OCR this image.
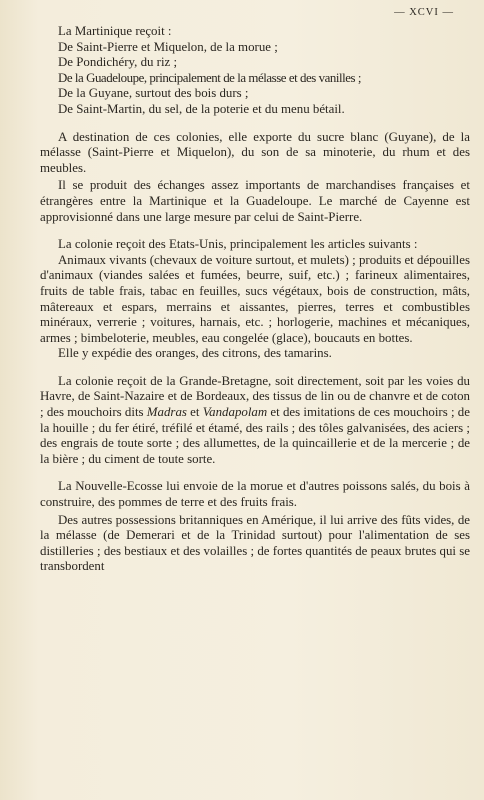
— XCVI —

La Martinique reçoit :

De Saint-Pierre et Miquelon, de la morue ;

De Pondichéry, du riz ;

De la Guadeloupe, principalement de la mélasse et des vanilles ;

De la Guyane, surtout des bois durs ;

De Saint-Martin, du sel, de la poterie et du menu bétail.

A destination de ces colonies, elle exporte du sucre blanc (Guyane), de la mélasse (Saint-Pierre et Miquelon), du son de sa minoterie, du rhum et des meubles.

Il se produit des échanges assez importants de marchandises françaises et étrangères entre la Martinique et la Guadeloupe. Le marché de Cayenne est approvisionné dans une large mesure par celui de Saint-Pierre.

La colonie reçoit des Etats-Unis, principalement les articles suivants :

Animaux vivants (chevaux de voiture surtout, et mulets) ; produits et dépouilles d'animaux (viandes salées et fumées, beurre, suif, etc.) ; farineux alimentaires, fruits de table frais, tabac en feuilles, sucs végétaux, bois de construction, mâts, mâtereaux et espars, merrains et aissantes, pierres, terres et combustibles minéraux, verrerie ; voitures, harnais, etc. ; horlogerie, machines et mécaniques, armes ; bimbeloterie, meubles, eau congelée (glace), boucauts en bottes.

Elle y expédie des oranges, des citrons, des tamarins.

La colonie reçoit de la Grande-Bretagne, soit directement, soit par les voies du Havre, de Saint-Nazaire et de Bordeaux, des tissus de lin ou de chanvre et de coton ; des mouchoirs dits Madras et Vandapolam et des imitations de ces mouchoirs ; de la houille ; du fer étiré, tréfilé et étamé, des rails ; des tôles galvanisées, des aciers ; des engrais de toute sorte ; des allumettes, de la quincaillerie et de la mercerie ; de la bière ; du ciment de toute sorte.

La Nouvelle-Ecosse lui envoie de la morue et d'autres poissons salés, du bois à construire, des pommes de terre et des fruits frais.

Des autres possessions britanniques en Amérique, il lui arrive des fûts vides, de la mélasse (de Demerari et de la Trinidad surtout) pour l'alimentation de ses distilleries ; des bestiaux et des volailles ; de fortes quantités de peaux brutes qui se transbordent
